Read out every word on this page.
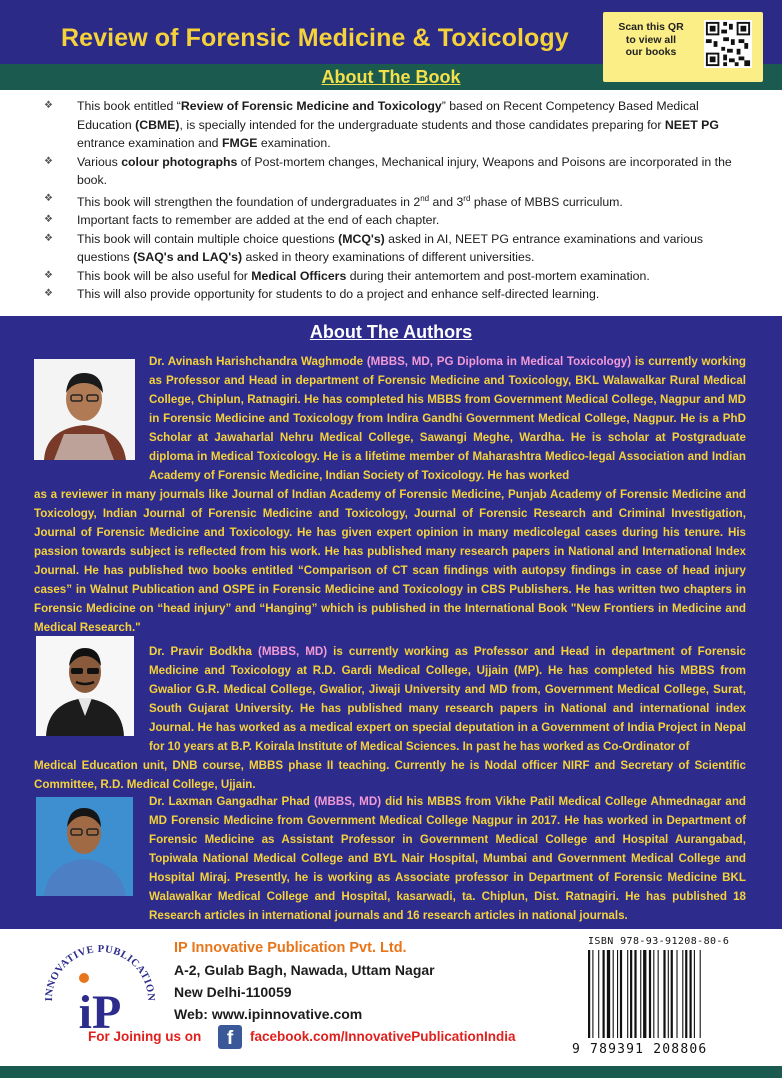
Review of Forensic Medicine & Toxicology	Scan this QR
to view all
our books
About The Book
❖ This book entitled “Review of Forensic Medicine and Toxicology” based on Recent Competency Based Medical Education (CBME), is specially intended for the undergraduate students and those candidates preparing for NEET PG entrance examination and FMGE examination.
❖ Various colour photographs of Post-mortem changes, Mechanical injury, Weapons and Poisons are incorporated in the book.
❖ This book will strengthen the foundation of undergraduates in 2nd and 3rd phase of MBBS curriculum.
❖ Important facts to remember are added at the end of each chapter.
❖ This book will contain multiple choice questions (MCQ's) asked in AI, NEET PG entrance examinations and various questions (SAQ's and LAQ's) asked in theory examinations of different universities.
❖ This book will be also useful for Medical Officers during their antemortem and post-mortem examination.
❖ This will also provide opportunity for students to do a project and enhance self-directed learning.
About The Authors
Dr. Avinash Harishchandra Waghmode (MBBS, MD, PG Diploma in Medical Toxicology) is currently working as Professor and Head in department of Forensic Medicine and Toxicology, BKL Walawalkar Rural Medical College, Chiplun, Ratnagiri. He has completed his MBBS from Government Medical College, Nagpur and MD in Forensic Medicine and Toxicology from Indira Gandhi Government Medical College, Nagpur. He is a PhD Scholar at Jawaharlal Nehru Medical College, Sawangi Meghe, Wardha. He is scholar at Postgraduate diploma in Medical Toxicology. He is a lifetime member of Maharashtra Medico-legal Association and Indian Academy of Forensic Medicine, Indian Society of Toxicology. He has worked
as a reviewer in many journals like Journal of Indian Academy of Forensic Medicine, Punjab Academy of Forensic Medicine and Toxicology, Indian Journal of Forensic Medicine and Toxicology, Journal of Forensic Research and Criminal Investigation, Journal of Forensic Medicine and Toxicology. He has given expert opinion in many medicolegal cases during his tenure. His passion towards subject is reflected from his work. He has published many research papers in National and International Index Journal. He has published two books entitled “Comparison of CT scan findings with autopsy findings in case of head injury cases” in Walnut Publication and OSPE in Forensic Medicine and Toxicology in CBS Publishers. He has written two chapters in Forensic Medicine on “head injury” and “Hanging” which is published in the International Book "New Frontiers in Medicine and Medical Research."
Dr. Pravir Bodkha (MBBS, MD) is currently working as Professor and Head in department of Forensic Medicine and Toxicology at R.D. Gardi Medical College, Ujjain (MP). He has completed his MBBS from Gwalior G.R. Medical College, Gwalior, Jiwaji University and MD from, Government Medical College, Surat, South Gujarat University. He has published many research papers in National and international index Journal. He has worked as a medical expert on special deputation in a Government of India Project in Nepal for 10 years at B.P. Koirala Institute of Medical Sciences. In past he has worked as Co-Ordinator of
Medical Education unit, DNB course, MBBS phase II teaching. Currently he is Nodal officer NIRF and Secretary of Scientific Committee, R.D. Medical College, Ujjain.
Dr. Laxman Gangadhar Phad (MBBS, MD) did his MBBS from Vikhe Patil Medical College Ahmednagar and MD Forensic Medicine from Government Medical College Nagpur in 2017. He has worked in Department of Forensic Medicine as Assistant Professor in Government Medical College and Hospital Aurangabad, Topiwala National Medical College and BYL Nair Hospital, Mumbai and Government Medical College and Hospital Miraj. Presently, he is working as Associate professor in Department of Forensic Medicine BKL Walawalkar Medical College and Hospital, kasarwadi, ta. Chiplun, Dist. Ratnagiri. He has published 18 Research articles in international journals and 16 research articles in national journals.
INNOVATIVE PUBLICATION
iP
IP Innovative Publication Pvt. Ltd.
A-2, Gulab Bagh, Nawada, Uttam Nagar
New Delhi-110059
Web: www.ipinnovative.com
For Joining us on	f	facebook.com/InnovativePublicationIndia
ISBN 978-93-91208-80-6
9 789391 208806
